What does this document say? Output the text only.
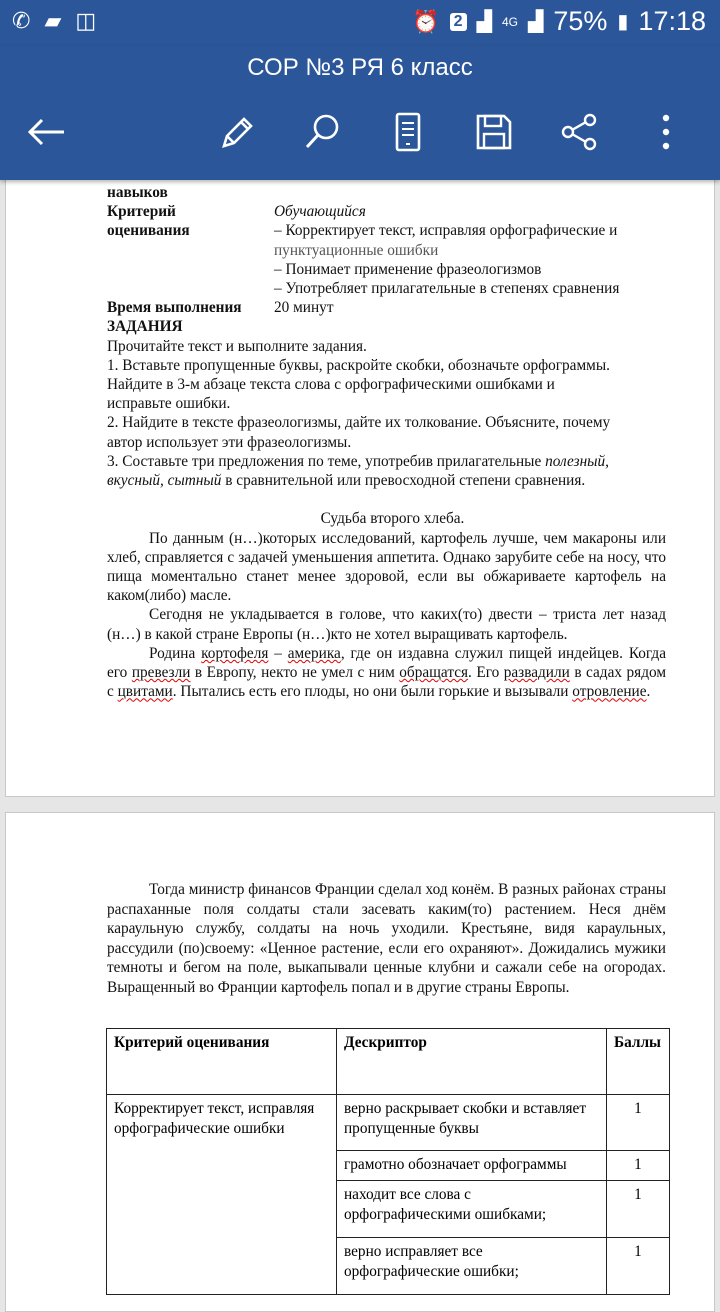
✆ ▰ ◫	⏰ 2 ▟ 4G ▟ 75% ▮ 17:18
СОР №3 РЯ 6 класс
навыков
Критерий	Обучающийся
оценивания	– Корректирует текст, исправляя орфографические и
пунктуационные ошибки
– Понимает применение фразеологизмов
– Употребляет прилагательные в степенях сравнения
Время выполнения	20 минут
ЗАДАНИЯ
Прочитайте текст и выполните задания.
1. Вставьте пропущенные буквы, раскройте скобки, обозначьте орфограммы. Найдите в 3-м абзаце текста слова с орфографическими ошибками и исправьте ошибки.
2. Найдите в тексте фразеологизмы, дайте их толкование. Объясните, почему автор использует эти фразеологизмы.
3. Составьте три предложения по теме, употребив прилагательные полезный, вкусный, сытный в сравнительной или превосходной степени сравнения.
Судьба второго хлеба.

По данным (н…)которых исследований, картофель лучше, чем макароны или хлеб, справляется с задачей уменьшения аппетита. Однако зарубите себе на носу, что пища моментально станет менее здоровой, если вы обжариваете картофель на каком(либо) масле.

Сегодня не укладывается в голове, что каких(то) двести – триста лет назад (н…) в какой стране Европы (н…)кто не хотел выращивать картофель.

Родина кортофеля – америка, где он издавна служил пищей индейцев. Когда его превезли в Европу, некто не умел с ним обращатся. Его развадили в садах рядом с цвитами. Пытались есть его плоды, но они были горькие и вызывали отровление.

Тогда министр финансов Франции сделал ход конём. В разных районах страны распаханные поля солдаты стали засевать каким(то) растением. Неся днём караульную службу, солдаты на ночь уходили. Крестьяне, видя караульных, рассудили (по)своему: «Ценное растение, если его охраняют». Дожидались мужики темноты и бегом на поле, выкапывали ценные клубни и сажали себе на огородах. Выращенный во Франции картофель попал и в другие страны Европы.

Критерий оценивания	Дескриптор	Баллы
Корректирует текст, исправляя орфографические ошибки	верно раскрывает скобки и вставляет пропущенные буквы	1
	грамотно обозначает орфограммы	1
	находит все слова с орфографическими ошибками;	1
	верно исправляет все орфографические ошибки;	1
